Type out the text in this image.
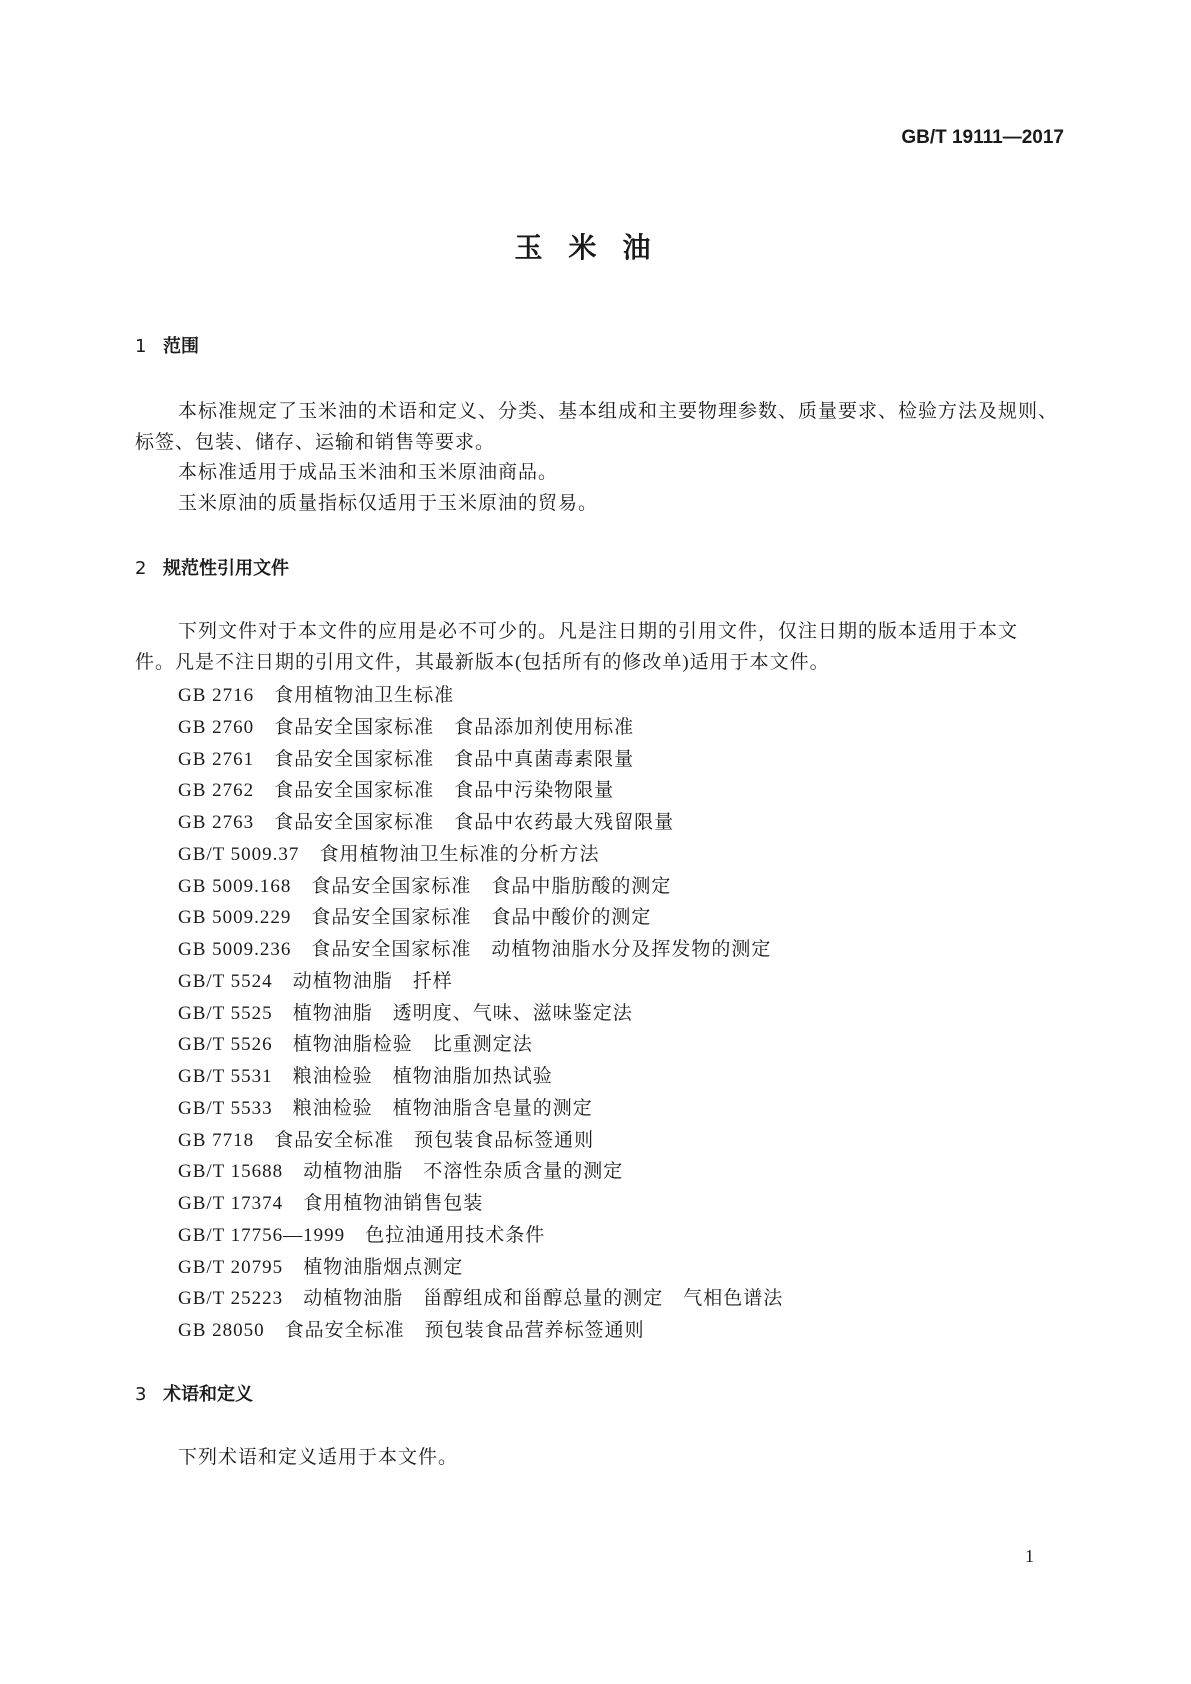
GB/T 19111—2017
玉米油
1 范围
本标准规定了玉米油的术语和定义、分类、基本组成和主要物理参数、质量要求、检验方法及规则、
标签、包装、储存、运输和销售等要求。
本标准适用于成品玉米油和玉米原油商品。
玉米原油的质量指标仅适用于玉米原油的贸易。
2 规范性引用文件
下列文件对于本文件的应用是必不可少的。凡是注日期的引用文件，仅注日期的版本适用于本文
件。凡是不注日期的引用文件，其最新版本(包括所有的修改单)适用于本文件。
GB 2716 食用植物油卫生标准
GB 2760 食品安全国家标准　食品添加剂使用标准
GB 2761 食品安全国家标准　食品中真菌毒素限量
GB 2762 食品安全国家标准　食品中污染物限量
GB 2763 食品安全国家标准　食品中农药最大残留限量
GB/T 5009.37 食用植物油卫生标准的分析方法
GB 5009.168 食品安全国家标准　食品中脂肪酸的测定
GB 5009.229 食品安全国家标准　食品中酸价的测定
GB 5009.236 食品安全国家标准　动植物油脂水分及挥发物的测定
GB/T 5524 动植物油脂　扦样
GB/T 5525 植物油脂　透明度、气味、滋味鉴定法
GB/T 5526 植物油脂检验　比重测定法
GB/T 5531 粮油检验　植物油脂加热试验
GB/T 5533 粮油检验　植物油脂含皂量的测定
GB 7718 食品安全标准　预包装食品标签通则
GB/T 15688 动植物油脂　不溶性杂质含量的测定
GB/T 17374 食用植物油销售包装
GB/T 17756—1999 色拉油通用技术条件
GB/T 20795 植物油脂烟点测定
GB/T 25223 动植物油脂　甾醇组成和甾醇总量的测定　气相色谱法
GB 28050 食品安全标准　预包装食品营养标签通则
3 术语和定义
下列术语和定义适用于本文件。
1
